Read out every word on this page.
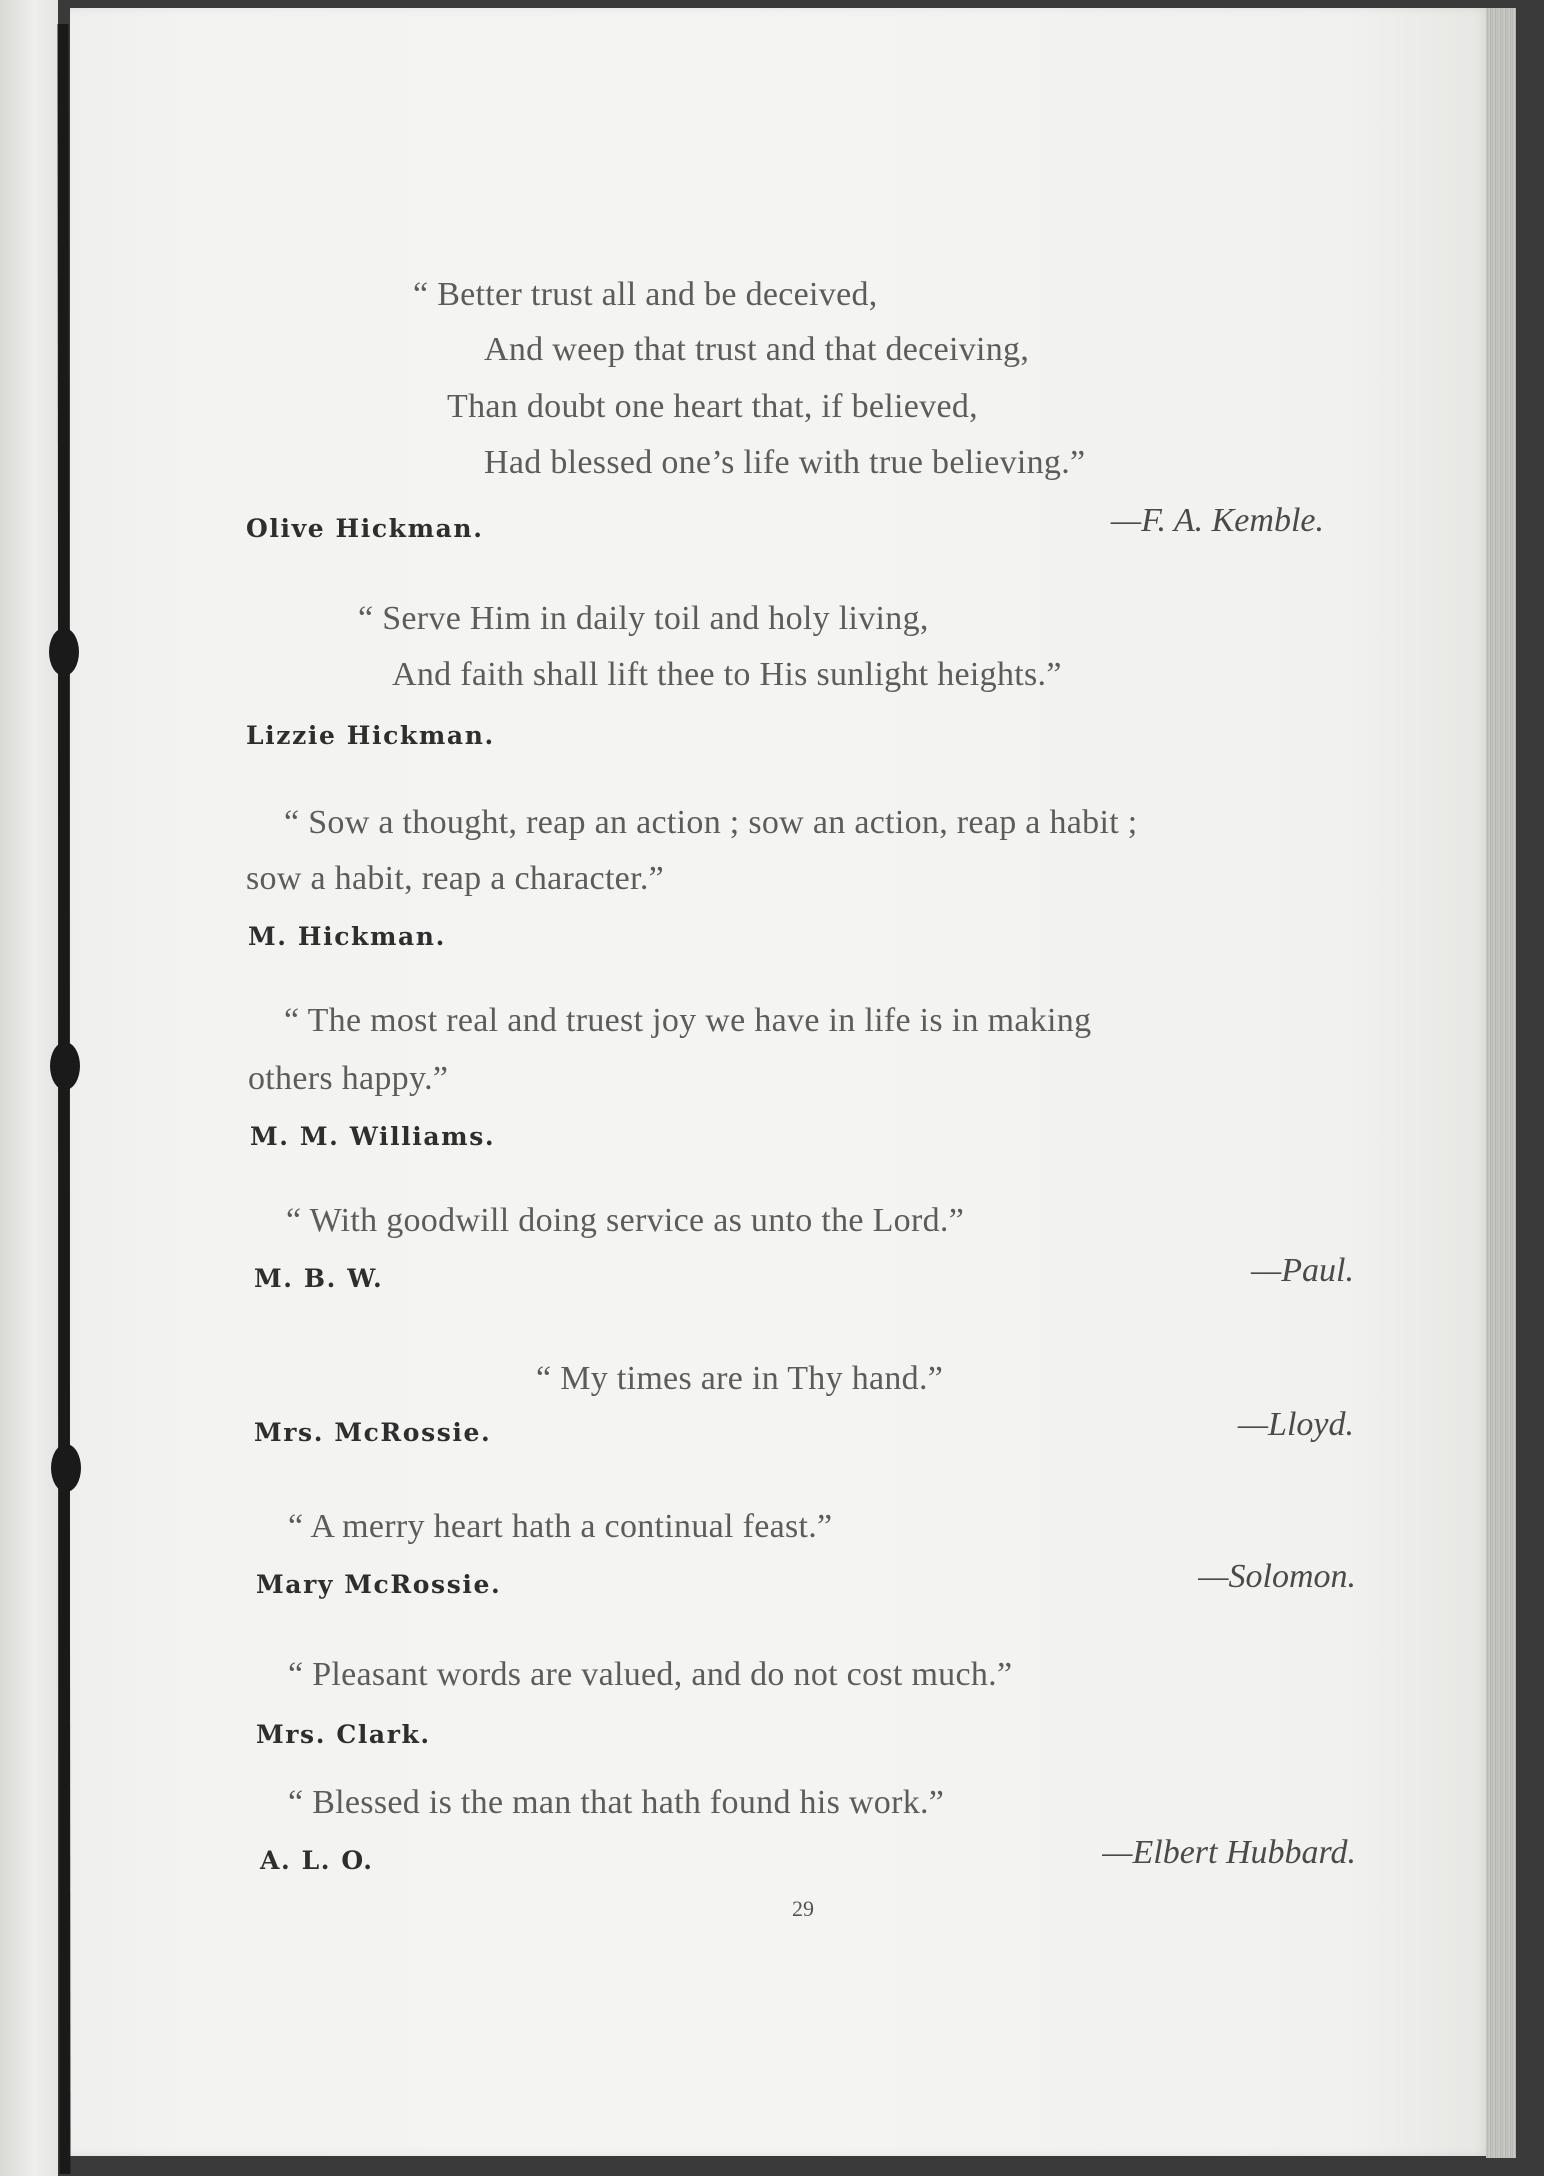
“ Better trust all and be deceived,
And weep that trust and that deceiving,
Than doubt one heart that, if believed,
Had blessed one’s life with true believing.”
Olive Hickman.	—F. A. Kemble.
“ Serve Him in daily toil and holy living,
And faith shall lift thee to His sunlight heights.”
Lizzie Hickman.
“ Sow a thought, reap an action ; sow an action, reap a habit ;
sow a habit, reap a character.”
M. Hickman.
“ The most real and truest joy we have in life is in making
others happy.”
M. M. Williams.
“ With goodwill doing service as unto the Lord.”
M. B. W.	—Paul.
“ My times are in Thy hand.”
Mrs. McRossie.	—Lloyd.
“ A merry heart hath a continual feast.”
Mary McRossie.	—Solomon.
“ Pleasant words are valued, and do not cost much.”
Mrs. Clark.
“ Blessed is the man that hath found his work.”
A. L. O.	—Elbert Hubbard.
29
